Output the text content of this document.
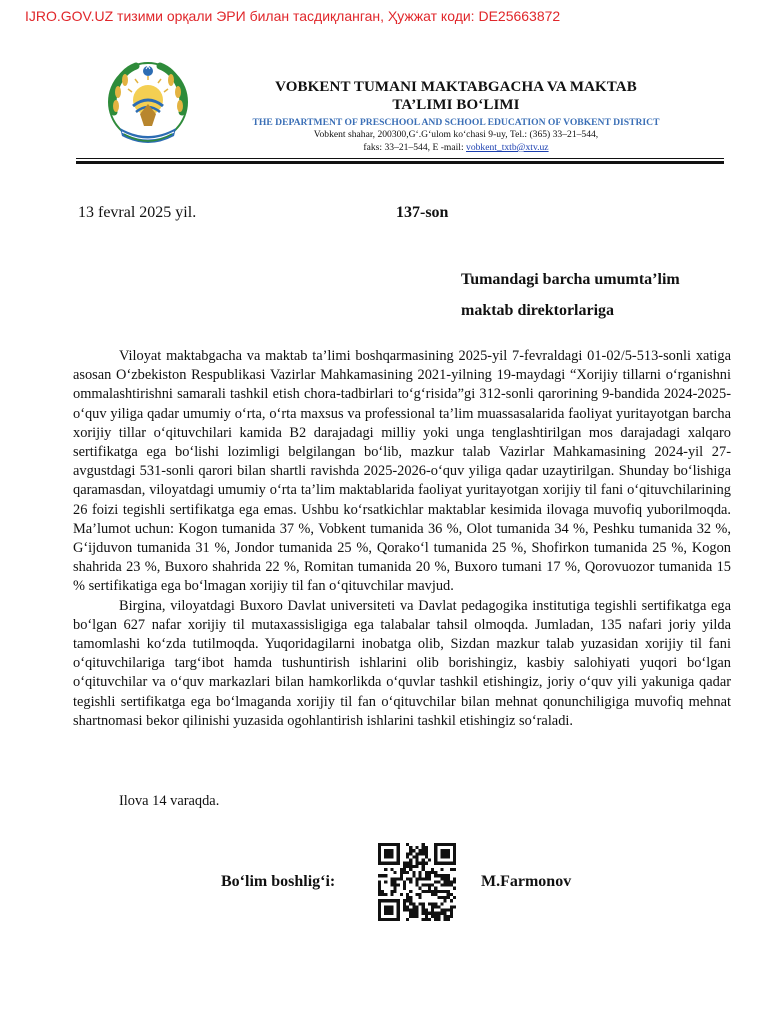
IJRO.GOV.UZ тизими орқали ЭРИ билан тасдиқланган, Ҳужжат коди: DE25663872
VOBKENT TUMANI MAKTABGACHA VA MAKTAB
TA’LIMI BO‘LIMI
THE DEPARTMENT OF PRESCHOOL AND SCHOOL EDUCATION OF VOBKENT DISTRICT
Vobkent shahar, 200300,G‘.G‘ulom ko‘chasi 9-uy, Tel.: (365) 33–21–544,
faks: 33–21–544, E -mail: vobkent_txtb@xtv.uz
13 fevral 2025 yil.	137-son
Tumandagi barcha umumta’lim
maktab direktorlariga

Viloyat maktabgacha va maktab ta’limi boshqarmasining 2025-yil 7-fevraldagi 01-02/5-513-sonli xatiga asosan O‘zbekiston Respublikasi Vazirlar Mahkamasining 2021-yilning 19-maydagi “Xorijiy tillarni o‘rganishni ommalashtirishni samarali tashkil etish chora-tadbirlari to‘g‘risida”gi 312-sonli qarorining 9-bandida 2024-2025- o‘quv yiliga qadar umumiy o‘rta, o‘rta maxsus va professional ta’lim muassasalarida faoliyat yuritayotgan barcha xorijiy tillar o‘qituvchilari kamida B2 darajadagi milliy yoki unga tenglashtirilgan mos darajadagi xalqaro sertifikatga ega bo‘lishi lozimligi belgilangan bo‘lib, mazkur talab Vazirlar Mahkamasining 2024-yil 27-avgustdagi 531-sonli qarori bilan shartli ravishda 2025-2026-o‘quv yiliga qadar uzaytirilgan. Shunday bo‘lishiga qaramasdan, viloyatdagi umumiy o‘rta ta’lim maktablarida faoliyat yuritayotgan xorijiy til fani o‘qituvchilarining 26 foizi tegishli sertifikatga ega emas. Ushbu ko‘rsatkichlar maktablar kesimida ilovaga muvofiq yuborilmoqda. Ma’lumot uchun: Kogon tumanida 37 %, Vobkent tumanida 36 %, Olot tumanida 34 %, Peshku tumanida 32 %, G‘ijduvon tumanida 31 %, Jondor tumanida 25 %, Qorako‘l tumanida 25 %, Shofirkon tumanida 25 %, Kogon shahrida 23 %, Buxoro shahrida 22 %, Romitan tumanida 20 %, Buxoro tumani 17 %, Qorovuozor tumanida 15 % sertifikatiga ega bo‘lmagan xorijiy til fan o‘qituvchilar mavjud.

Birgina, viloyatdagi Buxoro Davlat universiteti va Davlat pedagogika institutiga tegishli sertifikatga ega bo‘lgan 627 nafar xorijiy til mutaxassisligiga ega talabalar tahsil olmoqda. Jumladan, 135 nafari joriy yilda tamomlashi ko‘zda tutilmoqda. Yuqoridagilarni inobatga olib, Sizdan mazkur talab yuzasidan xorijiy til fani o‘qituvchilariga targ‘ibot hamda tushuntirish ishlarini olib borishingiz, kasbiy salohiyati yuqori bo‘lgan o‘qituvchilar va o‘quv markazlari bilan hamkorlikda o‘quvlar tashkil etishingiz, joriy o‘quv yili yakuniga qadar tegishli sertifikatga ega bo‘lmaganda xorijiy til fan o‘qituvchilar bilan mehnat qonunchiligiga muvofiq mehnat shartnomasi bekor qilinishi yuzasida ogohlantirish ishlarini tashkil etishingiz so‘raladi.

Ilova 14 varaqda.
Bo‘lim boshlig‘i:	M.Farmonov
